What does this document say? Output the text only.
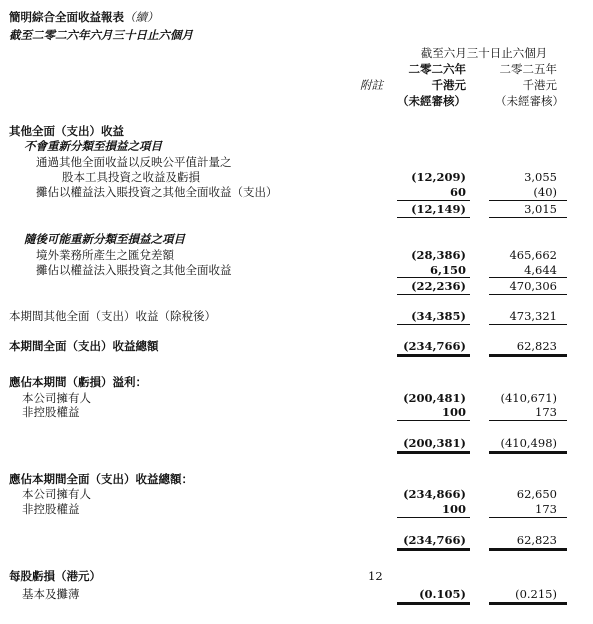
簡明綜合全面收益報表（續）
截至二零二六年六月三十日止六個月
截至六月三十日止六個月
二零二六年	二零二五年
附註	千港元	千港元
（未經審核）	（未經審核）
其他全面（支出）收益
不會重新分類至損益之項目
通過其他全面收益以反映公平值計量之
股本工具投資之收益及虧損	(12,209)	3,055
攤佔以權益法入賬投資之其他全面收益（支出）	60	(40)
(12,149)	3,015
隨後可能重新分類至損益之項目
境外業務所產生之匯兌差額	(28,386)	465,662
攤佔以權益法入賬投資之其他全面收益	6,150	4,644
(22,236)	470,306
本期間其他全面（支出）收益（除稅後）	(34,385)	473,321
本期間全面（支出）收益總額	(234,766)	62,823
應佔本期間（虧損）溢利：
本公司擁有人	(200,481)	(410,671)
非控股權益	100	173
(200,381)	(410,498)
應佔本期間全面（支出）收益總額：
本公司擁有人	(234,866)	62,650
非控股權益	100	173
(234,766)	62,823
每股虧損（港元）	12
基本及攤薄	(0.105)	(0.215)
